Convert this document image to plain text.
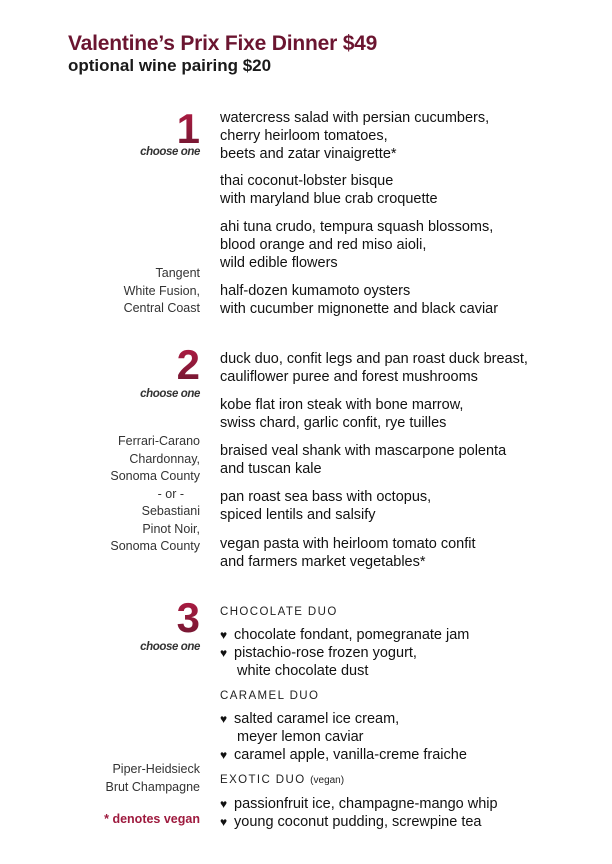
Valentine’s Prix Fixe Dinner $49
optional wine pairing $20
1
choose one
Tangent
White Fusion,
Central Coast
watercress salad with persian cucumbers,
cherry heirloom tomatoes,
beets and zatar vinaigrette*
thai coconut-lobster bisque
with maryland blue crab croquette
ahi tuna crudo, tempura squash blossoms,
blood orange and red miso aioli,
wild edible flowers
half-dozen kumamoto oysters
with cucumber mignonette and black caviar
2
choose one
Ferrari-Carano
Chardonnay,
Sonoma County
- or -
Sebastiani
Pinot Noir,
Sonoma County
duck duo, confit legs and pan roast duck breast,
cauliflower puree and forest mushrooms
kobe flat iron steak with bone marrow,
swiss chard, garlic confit, rye tuilles
braised veal shank with mascarpone polenta
and tuscan kale
pan roast sea bass with octopus,
spiced lentils and salsify
vegan pasta with heirloom tomato confit
and farmers market vegetables*
3
choose one
Piper-Heidsieck
Brut Champagne
* denotes vegan
CHOCOLATE DUO
♥ chocolate fondant, pomegranate jam
♥ pistachio-rose frozen yogurt,
white chocolate dust
CARAMEL DUO
♥ salted caramel ice cream,
meyer lemon caviar
♥ caramel apple, vanilla-creme fraiche
EXOTIC DUO (vegan)
♥ passionfruit ice, champagne-mango whip
♥ young coconut pudding, screwpine tea
